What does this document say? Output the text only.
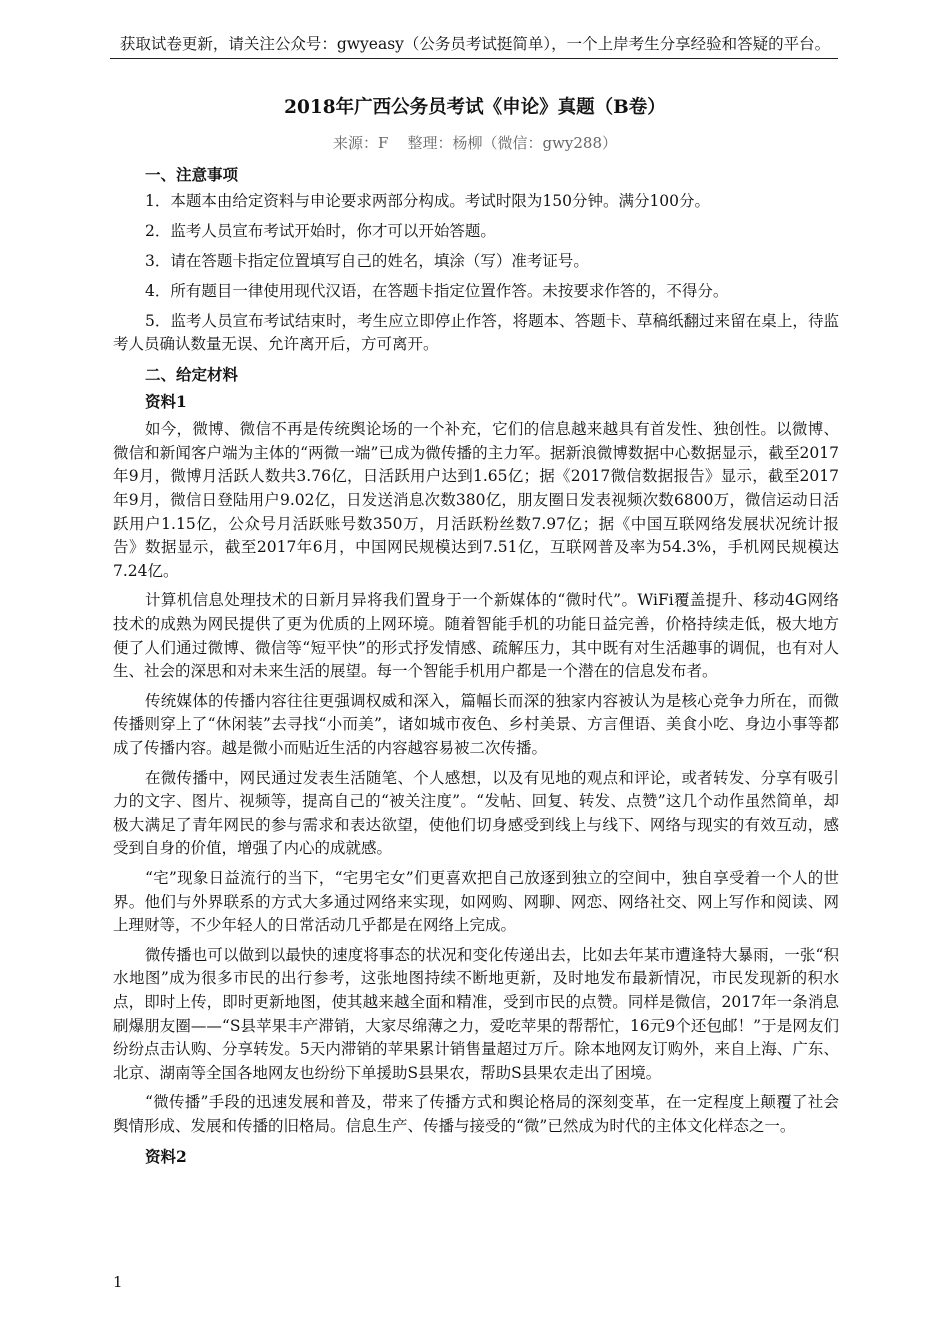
获取试卷更新，请关注公众号：gwyeasy（公务员考试挺简单），一个上岸考生分享经验和答疑的平台。
2018年广西公务员考试《申论》真题（B卷）
来源：F    整理：杨柳（微信：gwy288）
一、注意事项

1．本题本由给定资料与申论要求两部分构成。考试时限为150分钟。满分100分。

2．监考人员宣布考试开始时，你才可以开始答题。

3．请在答题卡指定位置填写自己的姓名，填涂（写）准考证号。

4．所有题目一律使用现代汉语，在答题卡指定位置作答。未按要求作答的，不得分。

5．监考人员宣布考试结束时，考生应立即停止作答，将题本、答题卡、草稿纸翻过来留在桌上，待监考人员确认数量无误、允许离开后，方可离开。

二、给定材料
资料1

如今，微博、微信不再是传统舆论场的一个补充，它们的信息越来越具有首发性、独创性。以微博、微信和新闻客户端为主体的“两微一端”已成为微传播的主力军。据新浪微博数据中心数据显示，截至2017年9月，微博月活跃人数共3.76亿，日活跃用户达到1.65亿；据《2017微信数据报告》显示，截至2017年9月，微信日登陆用户9.02亿，日发送消息次数380亿，朋友圈日发表视频次数6800万，微信运动日活跃用户1.15亿，公众号月活跃账号数350万，月活跃粉丝数7.97亿；据《中国互联网络发展状况统计报告》数据显示，截至2017年6月，中国网民规模达到7.51亿，互联网普及率为54.3%，手机网民规模达7.24亿。

计算机信息处理技术的日新月异将我们置身于一个新媒体的“微时代”。WiFi覆盖提升、移动4G网络技术的成熟为网民提供了更为优质的上网环境。随着智能手机的功能日益完善，价格持续走低，极大地方便了人们通过微博、微信等“短平快”的形式抒发情感、疏解压力，其中既有对生活趣事的调侃，也有对人生、社会的深思和对未来生活的展望。每一个智能手机用户都是一个潜在的信息发布者。

传统媒体的传播内容往往更强调权威和深入，篇幅长而深的独家内容被认为是核心竞争力所在，而微传播则穿上了“休闲装”去寻找“小而美”，诸如城市夜色、乡村美景、方言俚语、美食小吃、身边小事等都成了传播内容。越是微小而贴近生活的内容越容易被二次传播。

在微传播中，网民通过发表生活随笔、个人感想，以及有见地的观点和评论，或者转发、分享有吸引力的文字、图片、视频等，提高自己的“被关注度”。“发帖、回复、转发、点赞”这几个动作虽然简单，却极大满足了青年网民的参与需求和表达欲望，使他们切身感受到线上与线下、网络与现实的有效互动，感受到自身的价值，增强了内心的成就感。

“宅”现象日益流行的当下，“宅男宅女”们更喜欢把自己放逐到独立的空间中，独自享受着一个人的世界。他们与外界联系的方式大多通过网络来实现，如网购、网聊、网恋、网络社交、网上写作和阅读、网上理财等，不少年轻人的日常活动几乎都是在网络上完成。

微传播也可以做到以最快的速度将事态的状况和变化传递出去，比如去年某市遭逢特大暴雨，一张“积水地图”成为很多市民的出行参考，这张地图持续不断地更新，及时地发布最新情况，市民发现新的积水点，即时上传，即时更新地图，使其越来越全面和精准，受到市民的点赞。同样是微信，2017年一条消息刷爆朋友圈——“S县苹果丰产滞销，大家尽绵薄之力，爱吃苹果的帮帮忙，16元9个还包邮！”于是网友们纷纷点击认购、分享转发。5天内滞销的苹果累计销售量超过万斤。除本地网友订购外，来自上海、广东、北京、湖南等全国各地网友也纷纷下单援助S县果农，帮助S县果农走出了困境。

“微传播”手段的迅速发展和普及，带来了传播方式和舆论格局的深刻变革，在一定程度上颠覆了社会舆情形成、发展和传播的旧格局。信息生产、传播与接受的“微”已然成为时代的主体文化样态之一。

资料2
1
